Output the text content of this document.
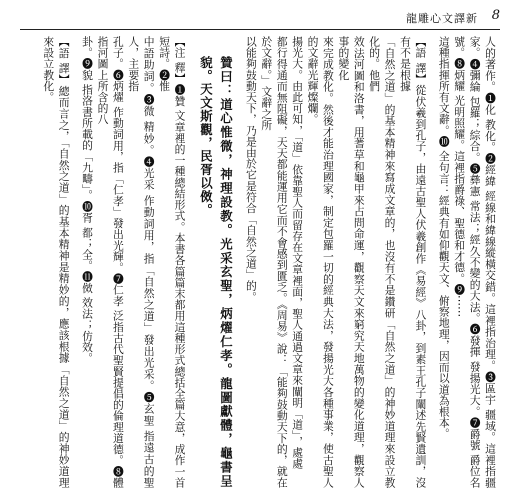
龍雕心文譯新 8

人的著作。❶化 教化。❷經緯 經線和緯線縱橫交錯。這裡指治理。❸區宇 疆域。這裡指疆家。❹彌綸 包羅；綜合。❺彝憲 常法；經久不變的大法。❻發揮 發揚光大。❼爵號 爵位名號。❽炳耀 光明照耀。這裡指爵祿、聖德和才德。❾⋯⋯

這種指揮所有文辭。❿ 全句言：經典有如仰觀天文、俯察地理，因而以道為根本。

【語 譯】從伏羲到孔子，由遠古聖人伏羲創作《易經》八卦，到素王孔子闡述先賢遺訓，沒有不是根據

「自然之道」的基本精神來寫成文章的，也沒有不是鑽研「自然之道」的神妙道理來設立教化的。他們

效法河圖和洛書，用蓍草和龜甲來占問命運，觀察天文來窮究天地萬物的變化道理，觀察人事的變化

來完成教化。然後才能治理國家，制定包羅一切的經典大法，發揚光大各種事業，使古聖人的文辭光輝燦爛。

揚光大。由此可知，「道」依靠聖人而留存在文章裡面，聖人通過文章來闡明「道」，處處

都行得通而無阻礙，天天都能運用它而不會感到匱乏。《周易》說：「能夠鼓動天下的，就在於文辭。」文辭之所

以能夠鼓動天下，乃是由於它是符合「自然之道」的。

贊曰：道心惟微，神理設教。光采玄聖，炳燿仁孝。龍圖獻體，龜書呈貌。天文斯觀，民胥以傚。

【注 釋】❶贊 文章裡的一種總結形式。本書各篇篇末都用這種形式總括全篇大意，成作一首短詩。❷惟

中語助詞。❸微 精妙。❹光采 作動詞用，指「自然之道」發出光采。❺玄聖 指遠古的聖人，主要指

孔子。❻炳燿 作動詞用，指「仁孝」發出光輝。❼仁孝 泛指古代聖賢提倡的倫理道德。❽體 指河圖上所含的八

卦。❾貌 指洛書所載的「九疇」。❿胥 都；全。⓫傚 效法；仿效。

【語 譯】總而言之，「自然之道」的基本精神是精妙的，應該根據「自然之道」的神妙道理來設立教化。
